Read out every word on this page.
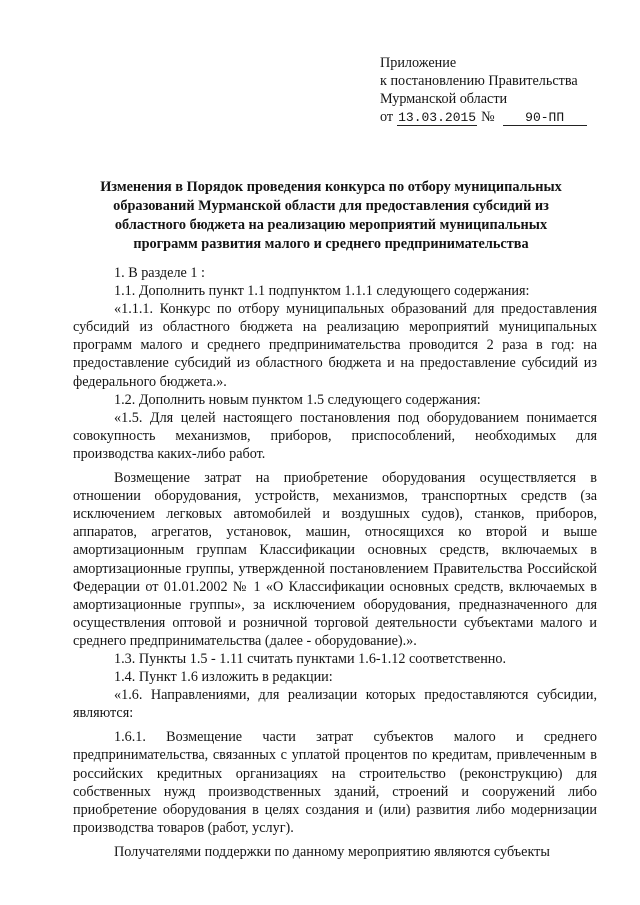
Приложение
к постановлению Правительства
Мурманской области
от 13.03.2015 №	90-ПП
Изменения в Порядок проведения конкурса по отбору муниципальных
образований Мурманской области для предоставления субсидий из
областного бюджета на реализацию мероприятий муниципальных
программ развития малого и среднего предпринимательства

1. В разделе 1 :

1.1. Дополнить пункт 1.1 подпунктом 1.1.1 следующего содержания:

«1.1.1. Конкурс по отбору муниципальных образований для предоставления субсидий из областного бюджета на реализацию мероприятий муниципальных программ малого и среднего предпринимательства проводится 2 раза в год: на предоставление субсидий из областного бюджета и на предоставление субсидий из федерального бюджета.».

1.2. Дополнить новым пунктом 1.5 следующего содержания:

«1.5. Для целей настоящего постановления под оборудованием понимается совокупность механизмов, приборов, приспособлений, необходимых для производства каких-либо работ.

Возмещение затрат на приобретение оборудования осуществляется в отношении оборудования, устройств, механизмов, транспортных средств (за исключением легковых автомобилей и воздушных судов), станков, приборов, аппаратов, агрегатов, установок, машин, относящихся ко второй и выше амортизационным группам Классификации основных средств, включаемых в амортизационные группы, утвержденной постановлением Правительства Российской Федерации от 01.01.2002 № 1 «О Классификации основных средств, включаемых в амортизационные группы», за исключением оборудования, предназначенного для осуществления оптовой и розничной торговой деятельности субъектами малого и среднего предпринимательства (далее - оборудование).».

1.3. Пункты 1.5 - 1.11 считать пунктами 1.6-1.12 соответственно.

1.4. Пункт 1.6 изложить в редакции:

«1.6. Направлениями, для реализации которых предоставляются субсидии, являются:

1.6.1. Возмещение части затрат субъектов малого и среднего предпринимательства, связанных с уплатой процентов по кредитам, привлеченным в российских кредитных организациях на строительство (реконструкцию) для собственных нужд производственных зданий, строений и сооружений либо приобретение оборудования в целях создания и (или) развития либо модернизации производства товаров (работ, услуг).

Получателями поддержки по данному мероприятию являются субъекты
